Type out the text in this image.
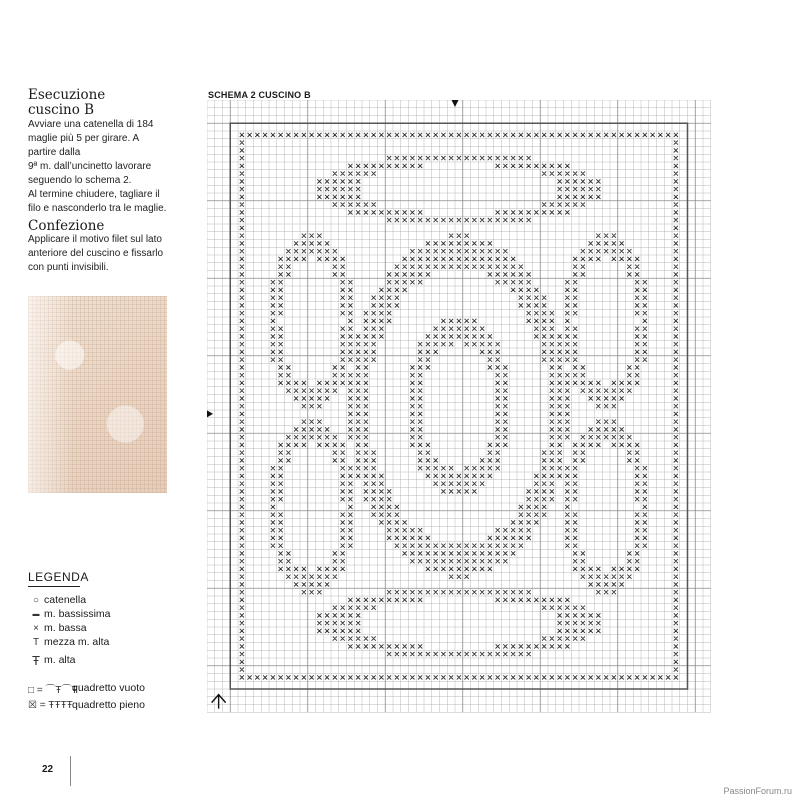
Esecuzione
cuscino B
Avviare una catenella di 184
maglie più 5 per girare. A
partire dalla
9ª m. dall’uncinetto lavorare
seguendo lo schema 2.
Al termine chiudere, tagliare il
filo e nasconderlo tra le maglie.
Confezione
Applicare il motivo filet sul lato
anteriore del cuscino e fissarlo
con punti invisibili.
LEGENDA
○ catenella
▬ m. bassissima
× m. bassa
T mezza m. alta
Ŧ m. alta
□ = ⌒Ŧ⌒Ŧ
quadretto vuoto
☒ = ŦŦŦŦ quadretto pieno
22
PassionForum.ru
SCHEMA 2 CUSCINO B
